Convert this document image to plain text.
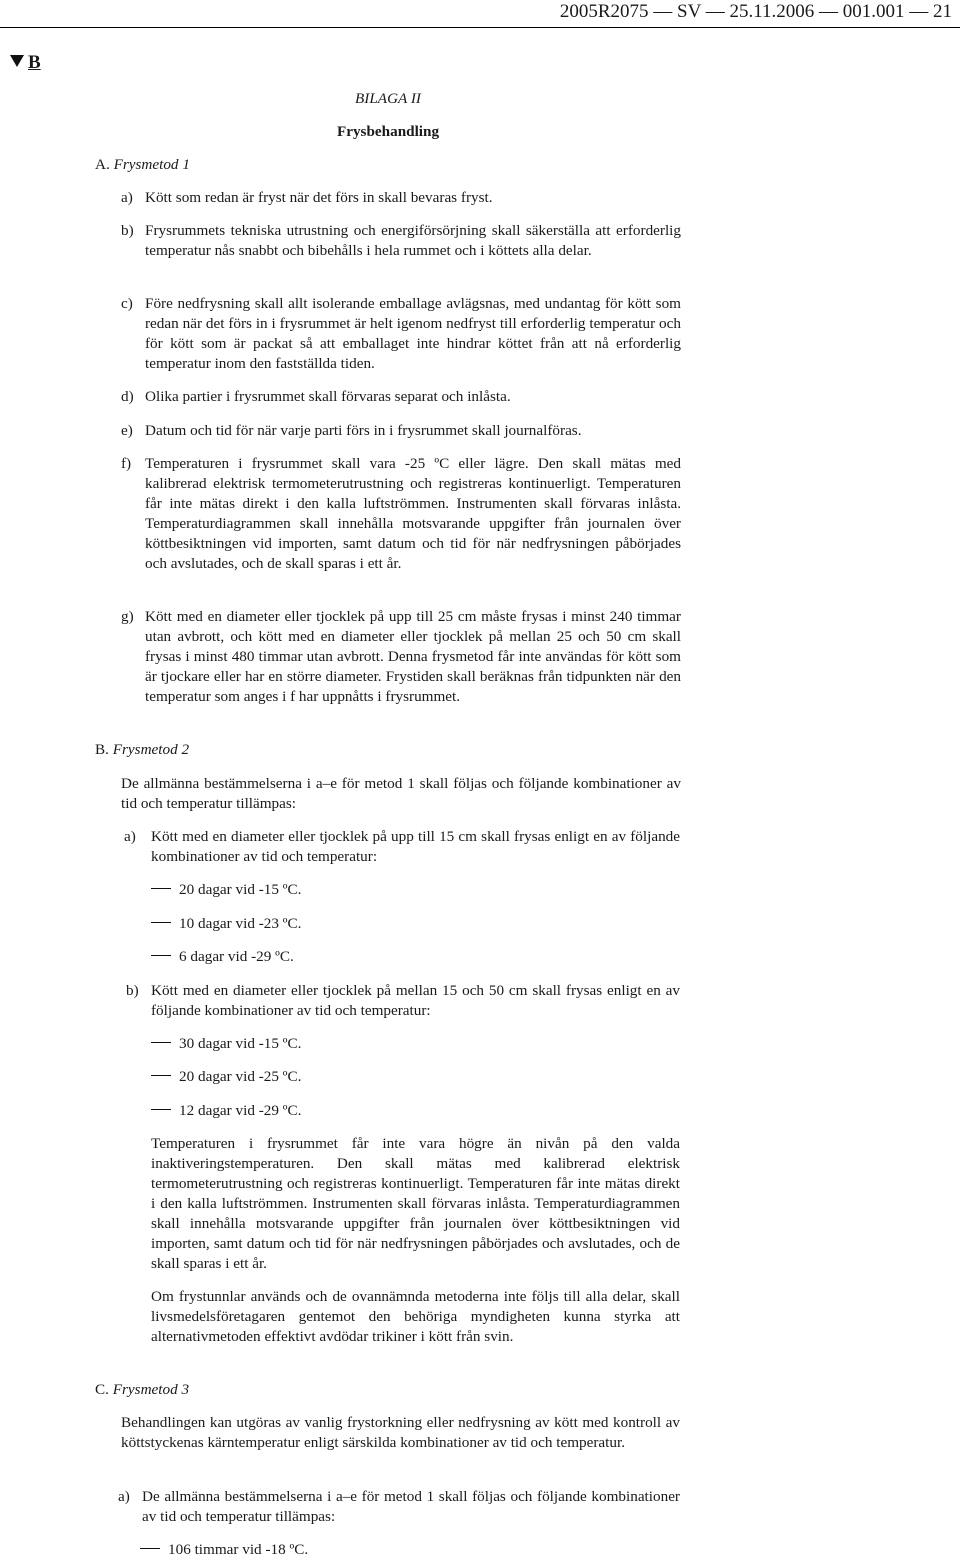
2005R2075 — SV — 25.11.2006 — 001.001 — 21
B
BILAGA II
Frysbehandling
A. Frysmetod 1
a) Kött som redan är fryst när det förs in skall bevaras fryst.
b) Frysrummets tekniska utrustning och energiförsörjning skall säkerställa att erforderlig temperatur nås snabbt och bibehålls i hela rummet och i köttets alla delar.
c) Före nedfrysning skall allt isolerande emballage avlägsnas, med undantag för kött som redan när det förs in i frysrummet är helt igenom nedfryst till erforderlig temperatur och för kött som är packat så att emballaget inte hindrar köttet från att nå erforderlig temperatur inom den fastställda tiden.
d) Olika partier i frysrummet skall förvaras separat och inlåsta.
e) Datum och tid för när varje parti förs in i frysrummet skall journalföras.
f) Temperaturen i frysrummet skall vara -25 ºC eller lägre. Den skall mätas med kalibrerad elektrisk termometerutrustning och registreras kontinuerligt. Temperaturen får inte mätas direkt i den kalla luftströmmen. Instrumenten skall förvaras inlåsta. Temperaturdiagrammen skall innehålla motsvarande uppgifter från journalen över köttbesiktningen vid importen, samt datum och tid för när nedfrysningen påbörjades och avslutades, och de skall sparas i ett år.
g) Kött med en diameter eller tjocklek på upp till 25 cm måste frysas i minst 240 timmar utan avbrott, och kött med en diameter eller tjocklek på mellan 25 och 50 cm skall frysas i minst 480 timmar utan avbrott. Denna frysmetod får inte användas för kött som är tjockare eller har en större diameter. Frystiden skall beräknas från tidpunkten när den temperatur som anges i f har uppnåtts i frysrummet.
B. Frysmetod 2
De allmänna bestämmelserna i a–e för metod 1 skall följas och följande kombinationer av tid och temperatur tillämpas:
a) Kött med en diameter eller tjocklek på upp till 15 cm skall frysas enligt en av följande kombinationer av tid och temperatur:
20 dagar vid -15 ºC.
10 dagar vid -23 ºC.
6 dagar vid -29 ºC.
b) Kött med en diameter eller tjocklek på mellan 15 och 50 cm skall frysas enligt en av följande kombinationer av tid och temperatur:
30 dagar vid -15 ºC.
20 dagar vid -25 ºC.
12 dagar vid -29 ºC.
Temperaturen i frysrummet får inte vara högre än nivån på den valda inaktiveringstemperaturen. Den skall mätas med kalibrerad elektrisk termometerutrustning och registreras kontinuerligt. Temperaturen får inte mätas direkt i den kalla luftströmmen. Instrumenten skall förvaras inlåsta. Temperaturdiagrammen skall innehålla motsvarande uppgifter från journalen över köttbesiktningen vid importen, samt datum och tid för när nedfrysningen påbörjades och avslutades, och de skall sparas i ett år.
Om frystunnlar används och de ovannämnda metoderna inte följs till alla delar, skall livsmedelsföretagaren gentemot den behöriga myndigheten kunna styrka att alternativmetoden effektivt avdödar trikiner i kött från svin.
C. Frysmetod 3
Behandlingen kan utgöras av vanlig frystorkning eller nedfrysning av kött med kontroll av köttstyckenas kärntemperatur enligt särskilda kombinationer av tid och temperatur.
a) De allmänna bestämmelserna i a–e för metod 1 skall följas och följande kombinationer av tid och temperatur tillämpas:
106 timmar vid -18 ºC.
